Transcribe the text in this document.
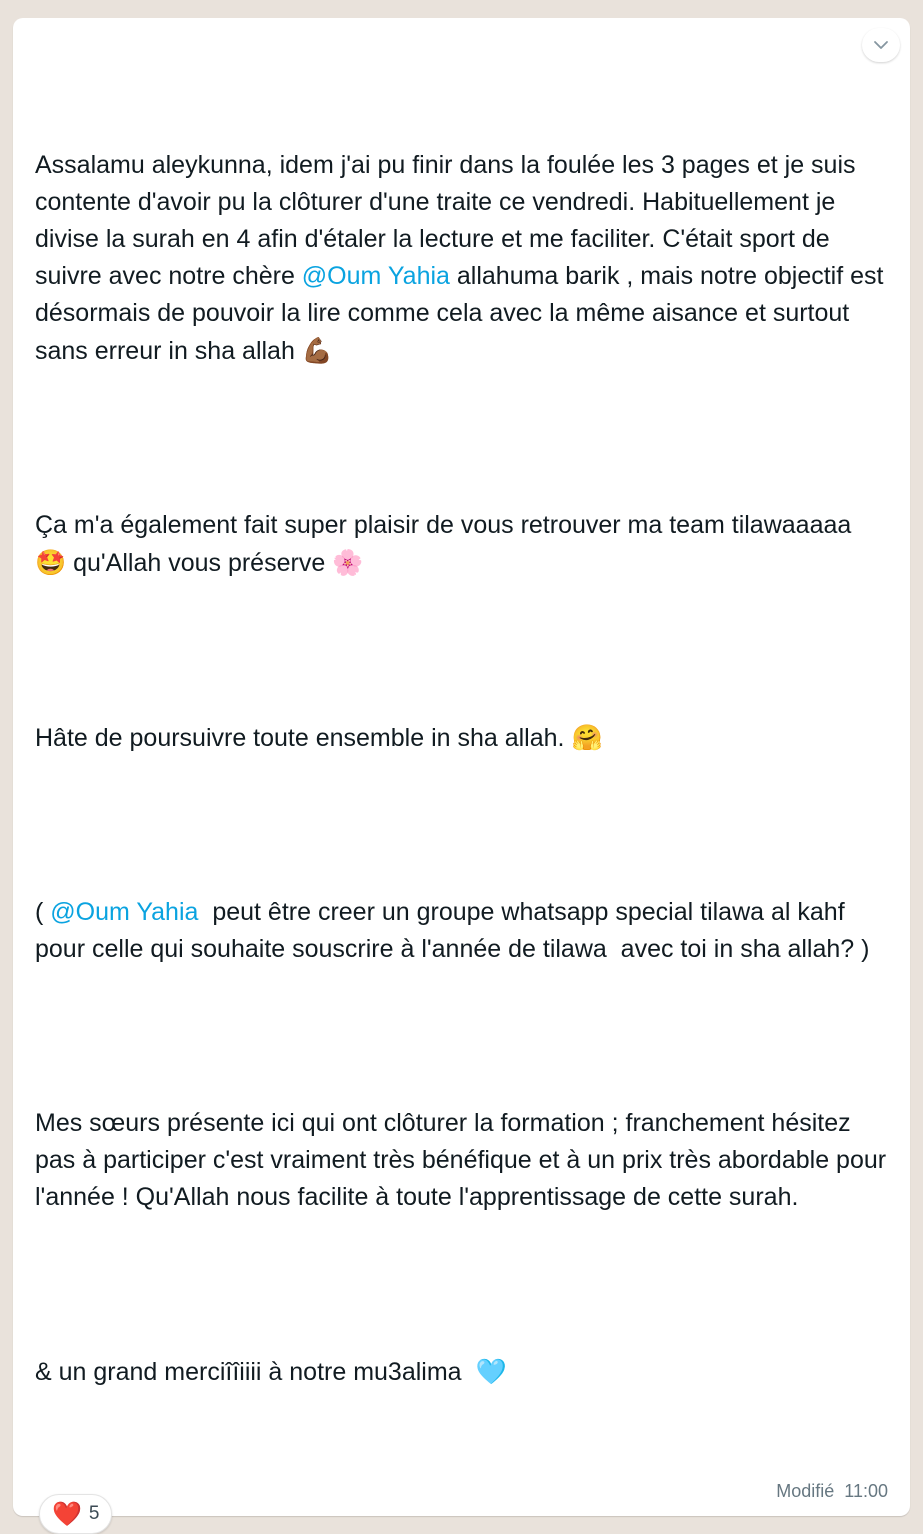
Assalamu aleykunna, idem j'ai pu finir dans la foulée les 3 pages et je suis contente d'avoir pu la clôturer d'une traite ce vendredi. Habituellement je divise la surah en 4 afin d'étaler la lecture et me faciliter. C'était sport de suivre avec notre chère @Oum Yahia allahuma barik , mais notre objectif est désormais de pouvoir la lire comme cela avec la même aisance et surtout sans erreur in sha allah 💪🏾

Ça m'a également fait super plaisir de vous retrouver ma team tilawaaaaa 🤩 qu'Allah vous préserve 🌸

Hâte de poursuivre toute ensemble in sha allah. 🤗

( @Oum Yahia  peut être creer un groupe whatsapp special tilawa al kahf pour celle qui souhaite souscrire à l'année de tilawa  avec toi in sha allah? )

Mes sœurs présente ici qui ont clôturer la formation ; franchement hésitez pas à participer c'est vraiment très bénéfique et à un prix très abordable pour l'année ! Qu'Allah nous facilite à toute l'apprentissage de cette surah.

& un grand merciîîiiii à notre mu3alima  🩵

Modifié 11:00
❤️ 5
